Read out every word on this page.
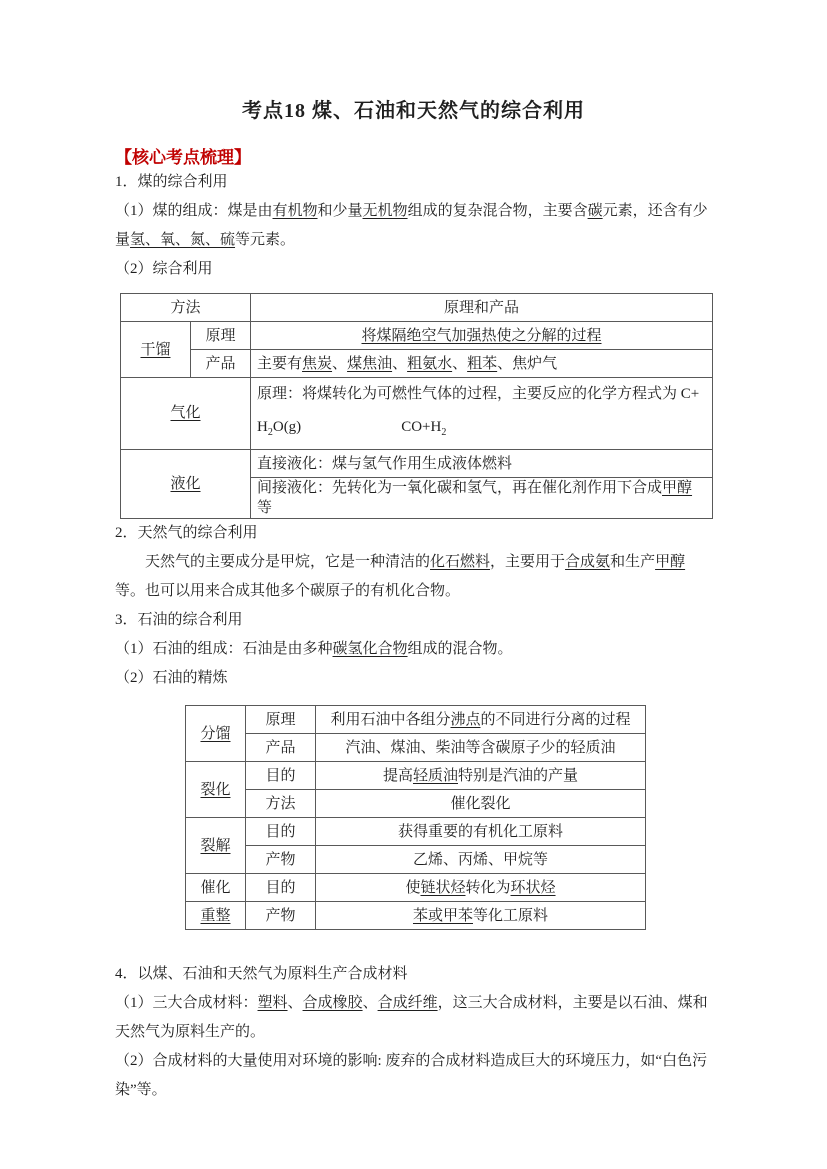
考点18 煤、石油和天然气的综合利用
【核心考点梳理】

1．煤的综合利用

（1）煤的组成：煤是由有机物和少量无机物组成的复杂混合物，主要含碳元素，还含有少量氢、氧、氮、硫等元素。

（2）综合利用

方法		原理和产品
干馏	原理	将煤隔绝空气加强热使之分解的过程
	产品	主要有焦炭、煤焦油、粗氨水、粗苯、焦炉气
气化		原理：将煤转化为可燃性气体的过程，主要反应的化学方程式为 C+
$H_2O(g)$ $CO+H_2$
液化		直接液化：煤与氢气作用生成液体燃料
		间接液化：先转化为一氧化碳和氢气，再在催化剂作用下合成甲醇等

2．天然气的综合利用

天然气的主要成分是甲烷，它是一种清洁的化石燃料，主要用于合成氨和生产甲醇等。也可以用来合成其他多个碳原子的有机化合物。

3．石油的综合利用

（1）石油的组成：石油是由多种碳氢化合物组成的混合物。

（2）石油的精炼

分馏	原理	利用石油中各组分沸点的不同进行分离的过程
	产品	汽油、煤油、柴油等含碳原子少的轻质油
裂化	目的	提高轻质油特别是汽油的产量
	方法	催化裂化
裂解	目的	获得重要的有机化工原料
	产物	乙烯、丙烯、甲烷等
催化	目的	使链状烃转化为环状烃
重整	产物	苯或甲苯等化工原料

4．以煤、石油和天然气为原料生产合成材料

（1）三大合成材料：塑料、合成橡胶、合成纤维，这三大合成材料，主要是以石油、煤和天然气为原料生产的。

（2）合成材料的大量使用对环境的影响: 废弃的合成材料造成巨大的环境压力，如“白色污染”等。
